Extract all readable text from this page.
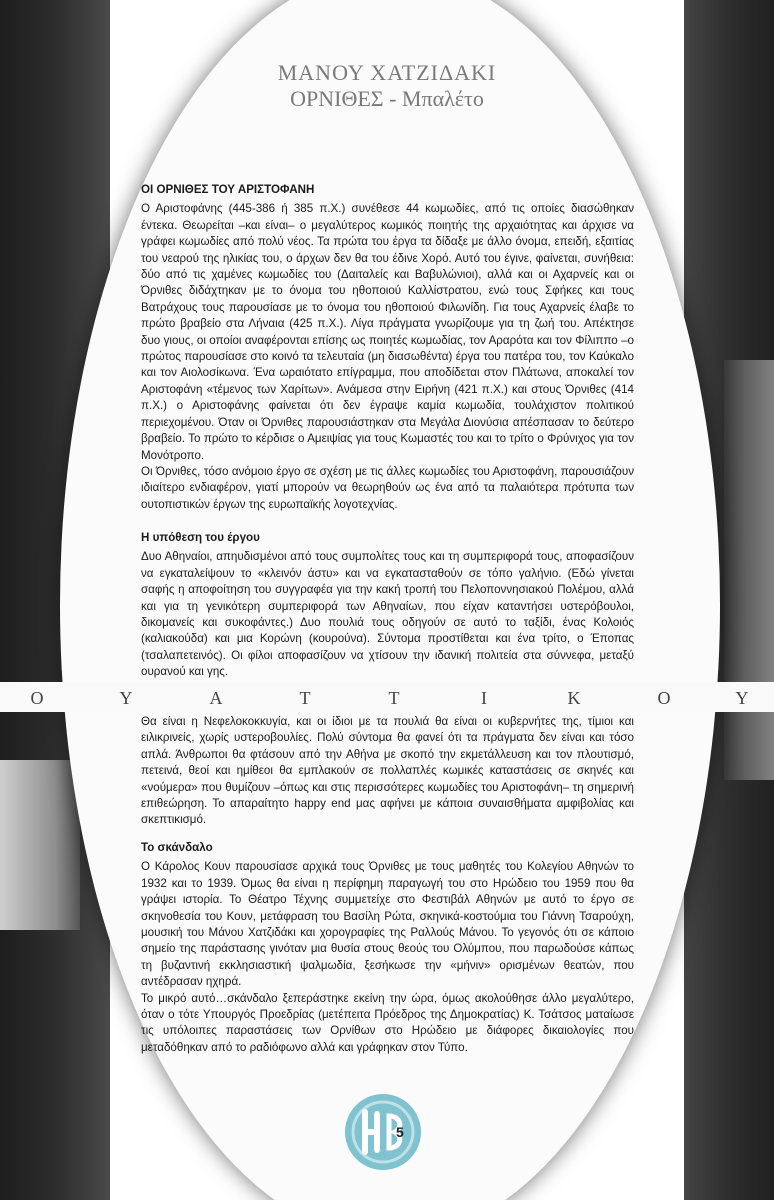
ΜΑΝΟΥ ΧΑΤΖΙΔΑΚΙ
ΟΡΝΙΘΕΣ - Μπαλέτο
ΟΙ ΟΡΝΙΘΕΣ ΤΟΥ ΑΡΙΣΤΟΦΑΝΗ

Ο Αριστοφάνης (445-386 ή 385 π.Χ.) συνέθεσε 44 κωμωδίες, από τις οποίες διασώθηκαν έντεκα. Θεωρείται –και είναι– ο μεγαλύτερος κωμικός ποιητής της αρχαιότητας και άρχισε να γράφει κωμωδίες από πολύ νέος. Τα πρώτα του έργα τα δίδαξε με άλλο όνομα, επειδή, εξαιτίας του νεαρού της ηλικίας του, ο άρχων δεν θα του έδινε Χορό. Αυτό του έγινε, φαίνεται, συνήθεια: δύο από τις χαμένες κωμωδίες του (Δαιταλείς και Βαβυλώνιοι), αλλά και οι Αχαρνείς και οι Όρνιθες διδάχτηκαν με το όνομα του ηθοποιού Καλλίστρατου, ενώ τους Σφήκες και τους Βατράχους τους παρουσίασε με το όνομα του ηθοποιού Φιλωνίδη. Για τους Αχαρνείς έλαβε το πρώτο βραβείο στα Λήναια (425 π.Χ.). Λίγα πράγματα γνωρίζουμε για τη ζωή του. Απέκτησε δυο γιους, οι οποίοι αναφέρονται επίσης ως ποιητές κωμωδίας, τον Αραρότα και τον Φίλιππο –ο πρώτος παρουσίασε στο κοινό τα τελευταία (μη διασωθέντα) έργα του πατέρα του, τον Καύκαλο και τον Αιολοσίκωνα. Ένα ωραιότατο επίγραμμα, που αποδίδεται στον Πλάτωνα, αποκαλεί τον Αριστοφάνη «τέμενος των Χαρίτων». Ανάμεσα στην Ειρήνη (421 π.Χ.) και στους Όρνιθες (414 π.Χ.) ο Αριστοφάνης φαίνεται ότι δεν έγραψε καμία κωμωδία, τουλάχιστον πολιτικού περιεχομένου. Όταν οι Όρνιθες παρουσιάστηκαν στα Μεγάλα Διονύσια απέσπασαν το δεύτερο βραβείο. Το πρώτο το κέρδισε ο Αμειψίας για τους Κωμαστές του και το τρίτο ο Φρύνιχος για τον Μονότροπο.

Οι Όρνιθες, τόσο ανόμοιο έργο σε σχέση με τις άλλες κωμωδίες του Αριστοφάνη, παρουσιάζουν ιδιαίτερο ενδιαφέρον, γιατί μπορούν να θεωρηθούν ως ένα από τα παλαιότερα πρότυπα των ουτοπιστικών έργων της ευρωπαϊκής λογοτεχνίας.

Η υπόθεση του έργου

Δυο Αθηναίοι, απηυδισμένοι από τους συμπολίτες τους και τη συμπεριφορά τους, αποφασίζουν να εγκαταλείψουν το «κλεινόν άστυ» και να εγκατασταθούν σε τόπο γαλήνιο. (Εδώ γίνεται σαφής η αποφοίτηση του συγγραφέα για την κακή τροπή του Πελοποννησιακού Πολέμου, αλλά και για τη γενικότερη συμπεριφορά των Αθηναίων, που είχαν καταντήσει υστερόβουλοι, δικομανείς και συκοφάντες.) Δυο πουλιά τους οδηγούν σε αυτό το ταξίδι, ένας Κολοιός (καλιακούδα) και μια Κορώνη (κουρούνα). Σύντομα προστίθεται και ένα τρίτο, ο Έποπας (τσαλαπετεινός). Οι φίλοι αποφασίζουν να χτίσουν την ιδανική πολιτεία στα σύννεφα, μεταξύ ουρανού και γης.

Ο	Υ	Α	Τ	Τ	Ι	Κ	Ο	Υ

Θα είναι η Νεφελοκοκκυγία, και οι ίδιοι με τα πουλιά θα είναι οι κυβερνήτες της, τίμιοι και ειλικρινείς, χωρίς υστεροβουλίες. Πολύ σύντομα θα φανεί ότι τα πράγματα δεν είναι και τόσο απλά. Άνθρωποι θα φτάσουν από την Αθήνα με σκοπό την εκμετάλλευση και τον πλουτισμό, πετεινά, θεοί και ημίθεοι θα εμπλακούν σε πολλαπλές κωμικές καταστάσεις σε σκηνές και «νούμερα» που θυμίζουν –όπως και στις περισσότερες κωμωδίες του Αριστοφάνη– τη σημερινή επιθεώρηση. Το απαραίτητο happy end μας αφήνει με κάποια συναισθήματα αμφιβολίας και σκεπτικισμό.

Το σκάνδαλο

Ο Κάρολος Κουν παρουσίασε αρχικά τους Όρνιθες με τους μαθητές του Κολεγίου Αθηνών το 1932 και το 1939. Όμως θα είναι η περίφημη παραγωγή του στο Ηρώδειο του 1959 που θα γράψει ιστορία. Το Θέατρο Τέχνης συμμετείχε στο Φεστιβάλ Αθηνών με αυτό το έργο σε σκηνοθεσία του Κουν, μετάφραση του Βασίλη Ρώτα, σκηνικά-κοστούμια του Γιάννη Τσαρούχη, μουσική του Μάνου Χατζιδάκι και χορογραφίες της Ραλλούς Μάνου. Το γεγονός ότι σε κάποιο σημείο της παράστασης γινόταν μια θυσία στους θεούς του Ολύμπου, που παρωδούσε κάπως τη βυζαντινή εκκλησιαστική ψαλμωδία, ξεσήκωσε την «μήνιν» ορισμένων θεατών, που αντέδρασαν ηχηρά.

Το μικρό αυτό…σκάνδαλο ξεπεράστηκε εκείνη την ώρα, όμως ακολούθησε άλλο μεγαλύτερο, όταν ο τότε Υπουργός Προεδρίας (μετέπειτα Πρόεδρος της Δημοκρατίας) Κ. Τσάτσος ματαίωσε τις υπόλοιπες παραστάσεις των Ορνίθων στο Ηρώδειο με διάφορες δικαιολογίες που μεταδόθηκαν από το ραδιόφωνο αλλά και γράφηκαν στον Τύπο.

5
